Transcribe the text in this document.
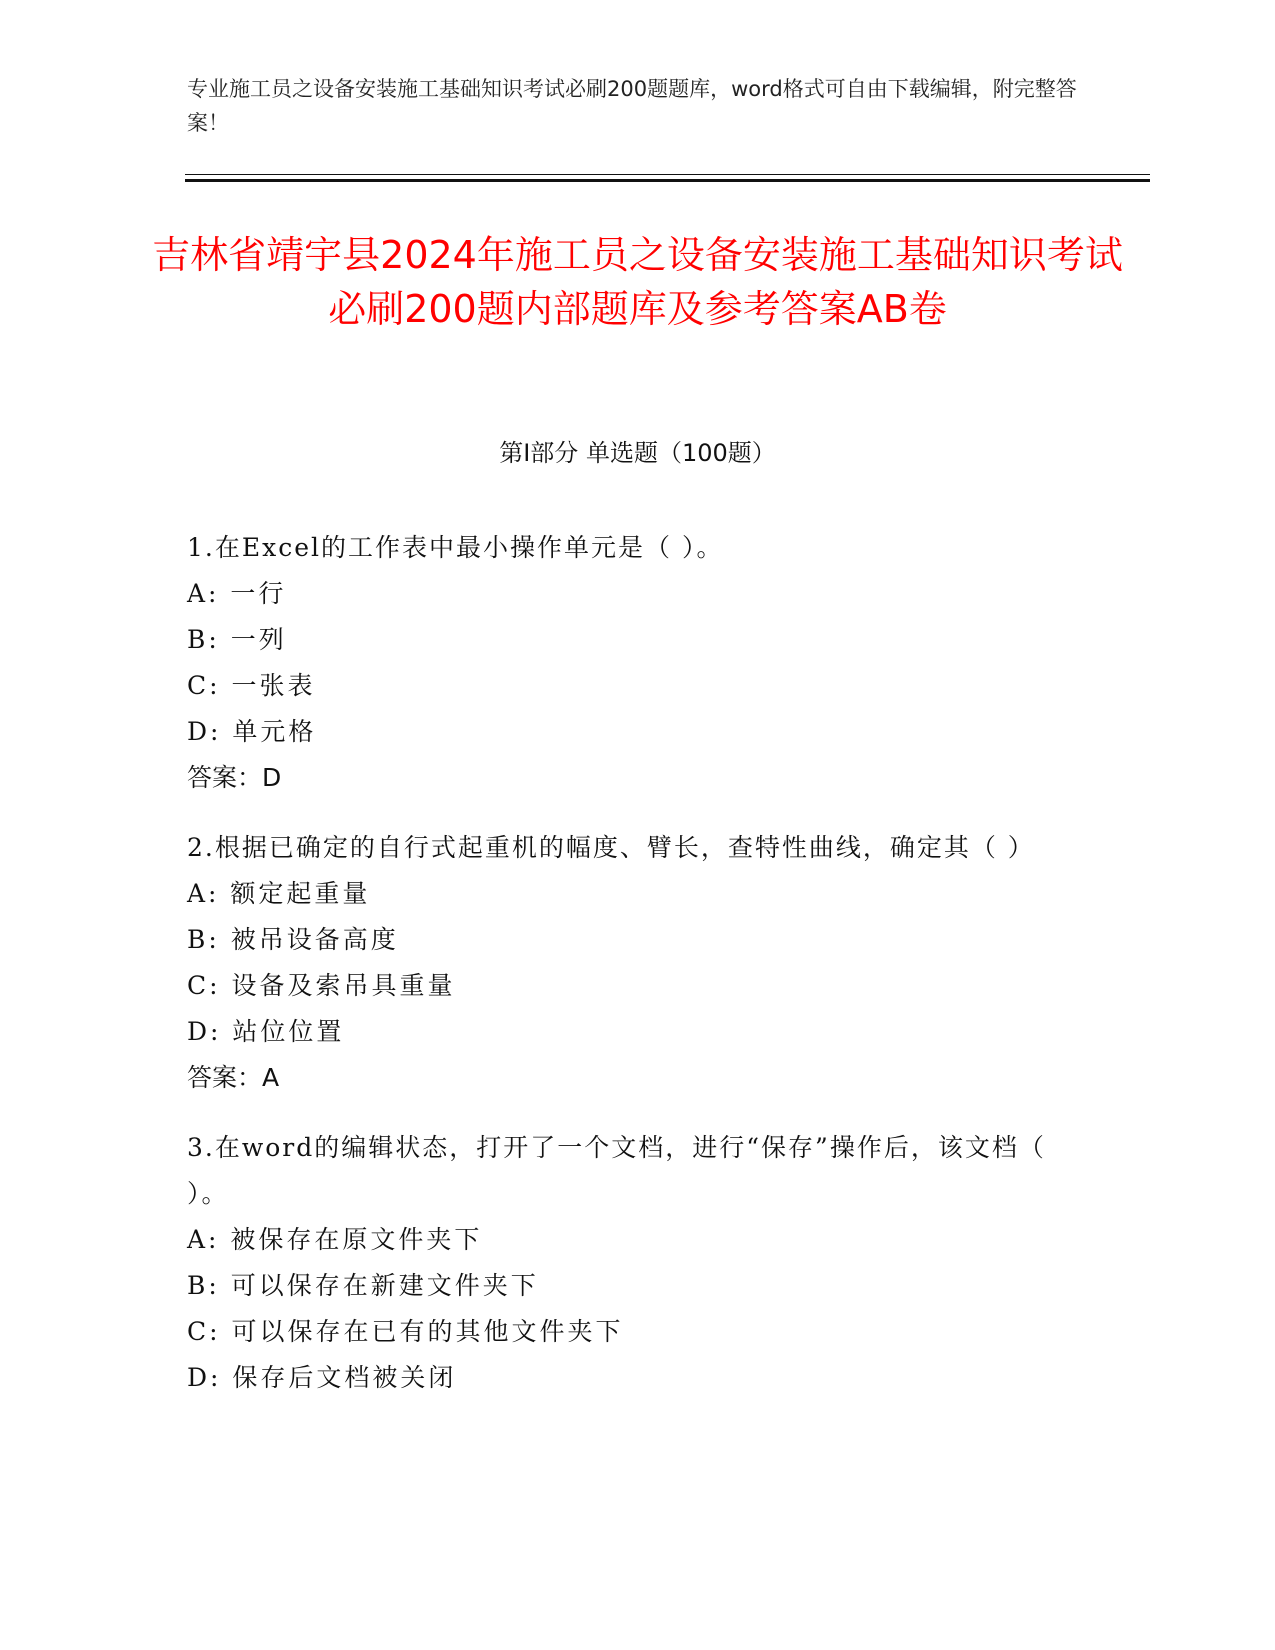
专业施工员之设备安装施工基础知识考试必刷200题题库，word格式可自由下载编辑，附完整答案！
吉林省靖宇县2024年施工员之设备安装施工基础知识考试必刷200题内部题库及参考答案AB卷
第Ⅰ部分 单选题（100题）
1.在Excel的工作表中最小操作单元是（ ）。
A: 一行
B: 一列
C: 一张表
D: 单元格
答案：D
2.根据已确定的自行式起重机的幅度、臂长，查特性曲线，确定其（ ）
A: 额定起重量
B: 被吊设备高度
C: 设备及索吊具重量
D: 站位位置
答案：A
3.在word的编辑状态，打开了一个文档，进行“保存”操作后，该文档（ ）。
A: 被保存在原文件夹下
B: 可以保存在新建文件夹下
C: 可以保存在已有的其他文件夹下
D: 保存后文档被关闭
